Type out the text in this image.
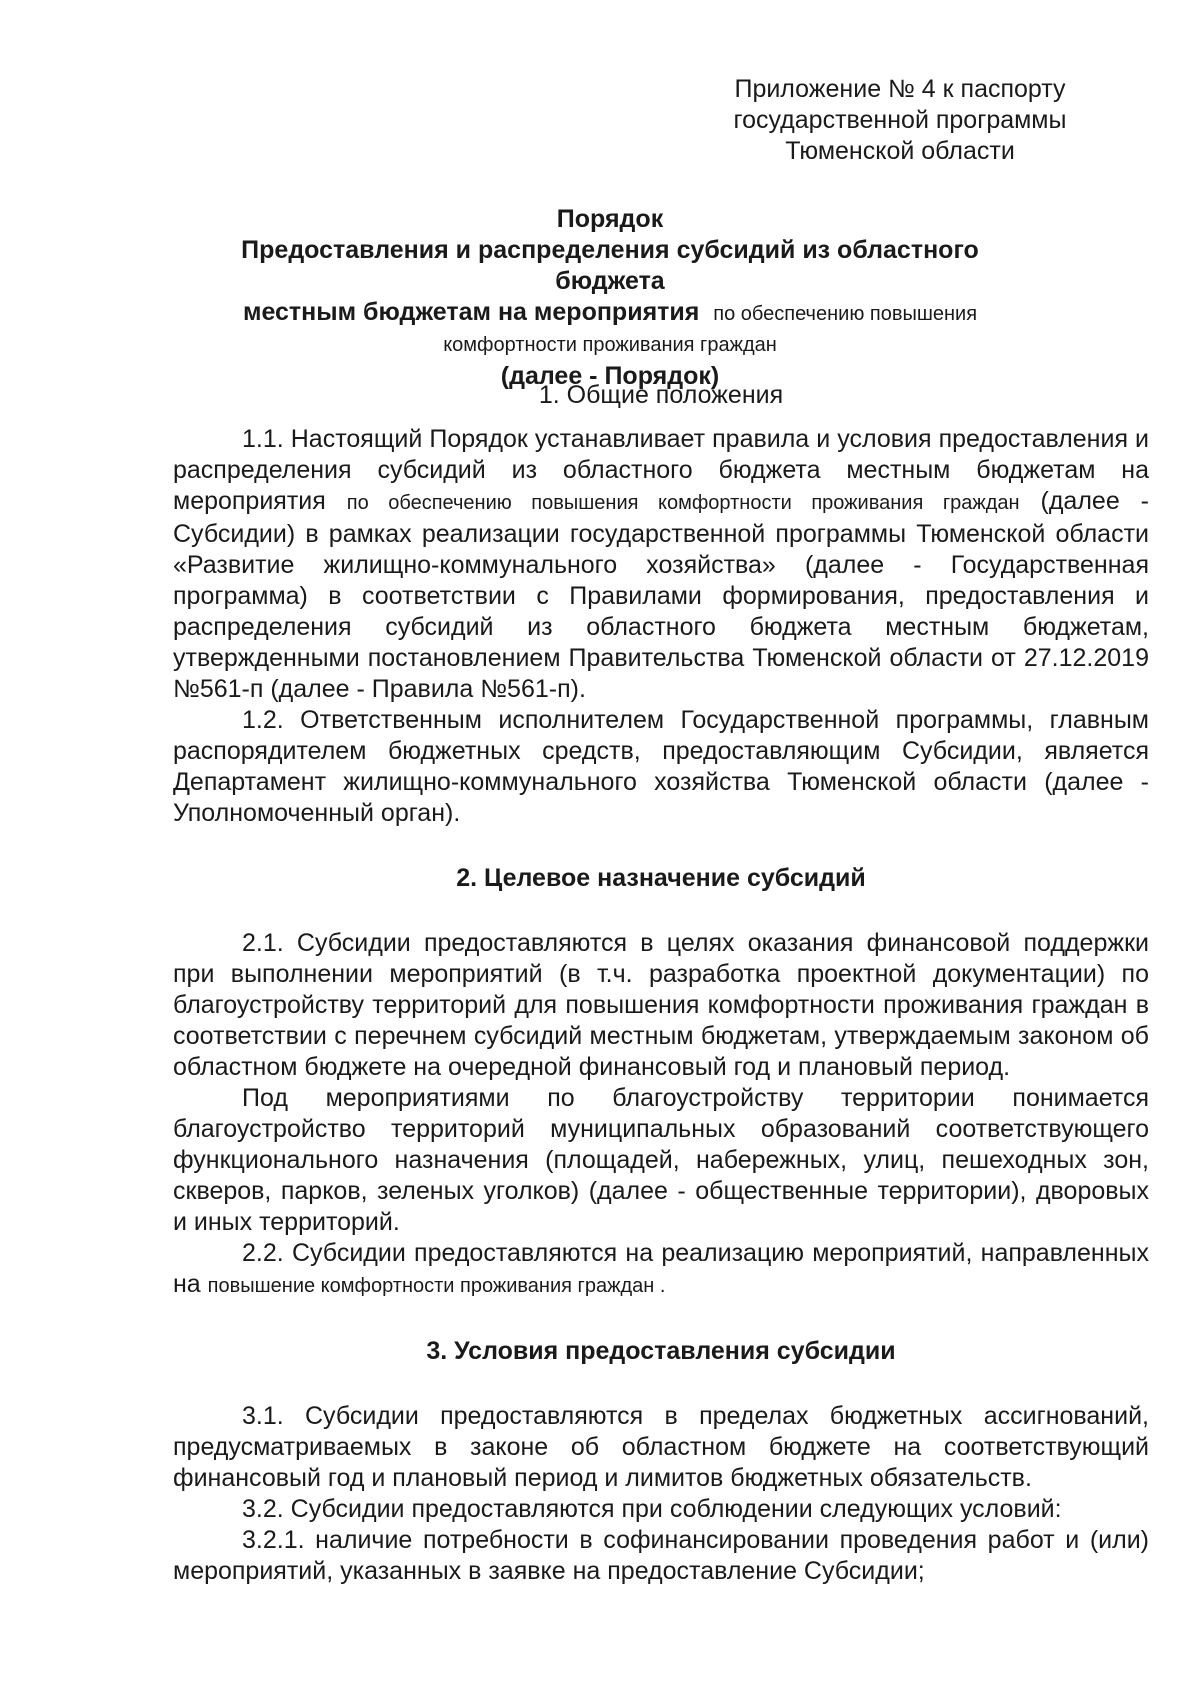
Приложение № 4 к паспорту
государственной программы
Тюменской области
Порядок
Предоставления и распределения субсидий из областного бюджета
местным бюджетам на мероприятия по обеспечению повышения
комфортности проживания граждан
(далее - Порядок)

1. Общие положения

1.1. Настоящий Порядок устанавливает правила и условия предоставления и распределения субсидий из областного бюджета местным бюджетам на мероприятия по обеспечению повышения комфортности проживания граждан (далее - Субсидии) в рамках реализации государственной программы Тюменской области «Развитие жилищно-коммунального хозяйства» (далее - Государственная программа) в соответствии с Правилами формирования, предоставления и распределения субсидий из областного бюджета местным бюджетам, утвержденными постановлением Правительства Тюменской области от 27.12.2019 №561-п (далее - Правила №561-п).

1.2. Ответственным исполнителем Государственной программы, главным распорядителем бюджетных средств, предоставляющим Субсидии, является Департамент жилищно-коммунального хозяйства Тюменской области (далее - Уполномоченный орган).

2. Целевое назначение субсидий

2.1. Субсидии предоставляются в целях оказания финансовой поддержки при выполнении мероприятий (в т.ч. разработка проектной документации) по благоустройству территорий для повышения комфортности проживания граждан в соответствии с перечнем субсидий местным бюджетам, утверждаемым законом об областном бюджете на очередной финансовый год и плановый период.

Под мероприятиями по благоустройству территории понимается благоустройство территорий муниципальных образований соответствующего функционального назначения (площадей, набережных, улиц, пешеходных зон, скверов, парков, зеленых уголков) (далее - общественные территории), дворовых и иных территорий.

2.2. Субсидии предоставляются на реализацию мероприятий, направленных на повышение комфортности проживания граждан .

3. Условия предоставления субсидии

3.1. Субсидии предоставляются в пределах бюджетных ассигнований, предусматриваемых в законе об областном бюджете на соответствующий финансовый год и плановый период и лимитов бюджетных обязательств.

3.2. Субсидии предоставляются при соблюдении следующих условий:

3.2.1. наличие потребности в софинансировании проведения работ и (или) мероприятий, указанных в заявке на предоставление Субсидии;
